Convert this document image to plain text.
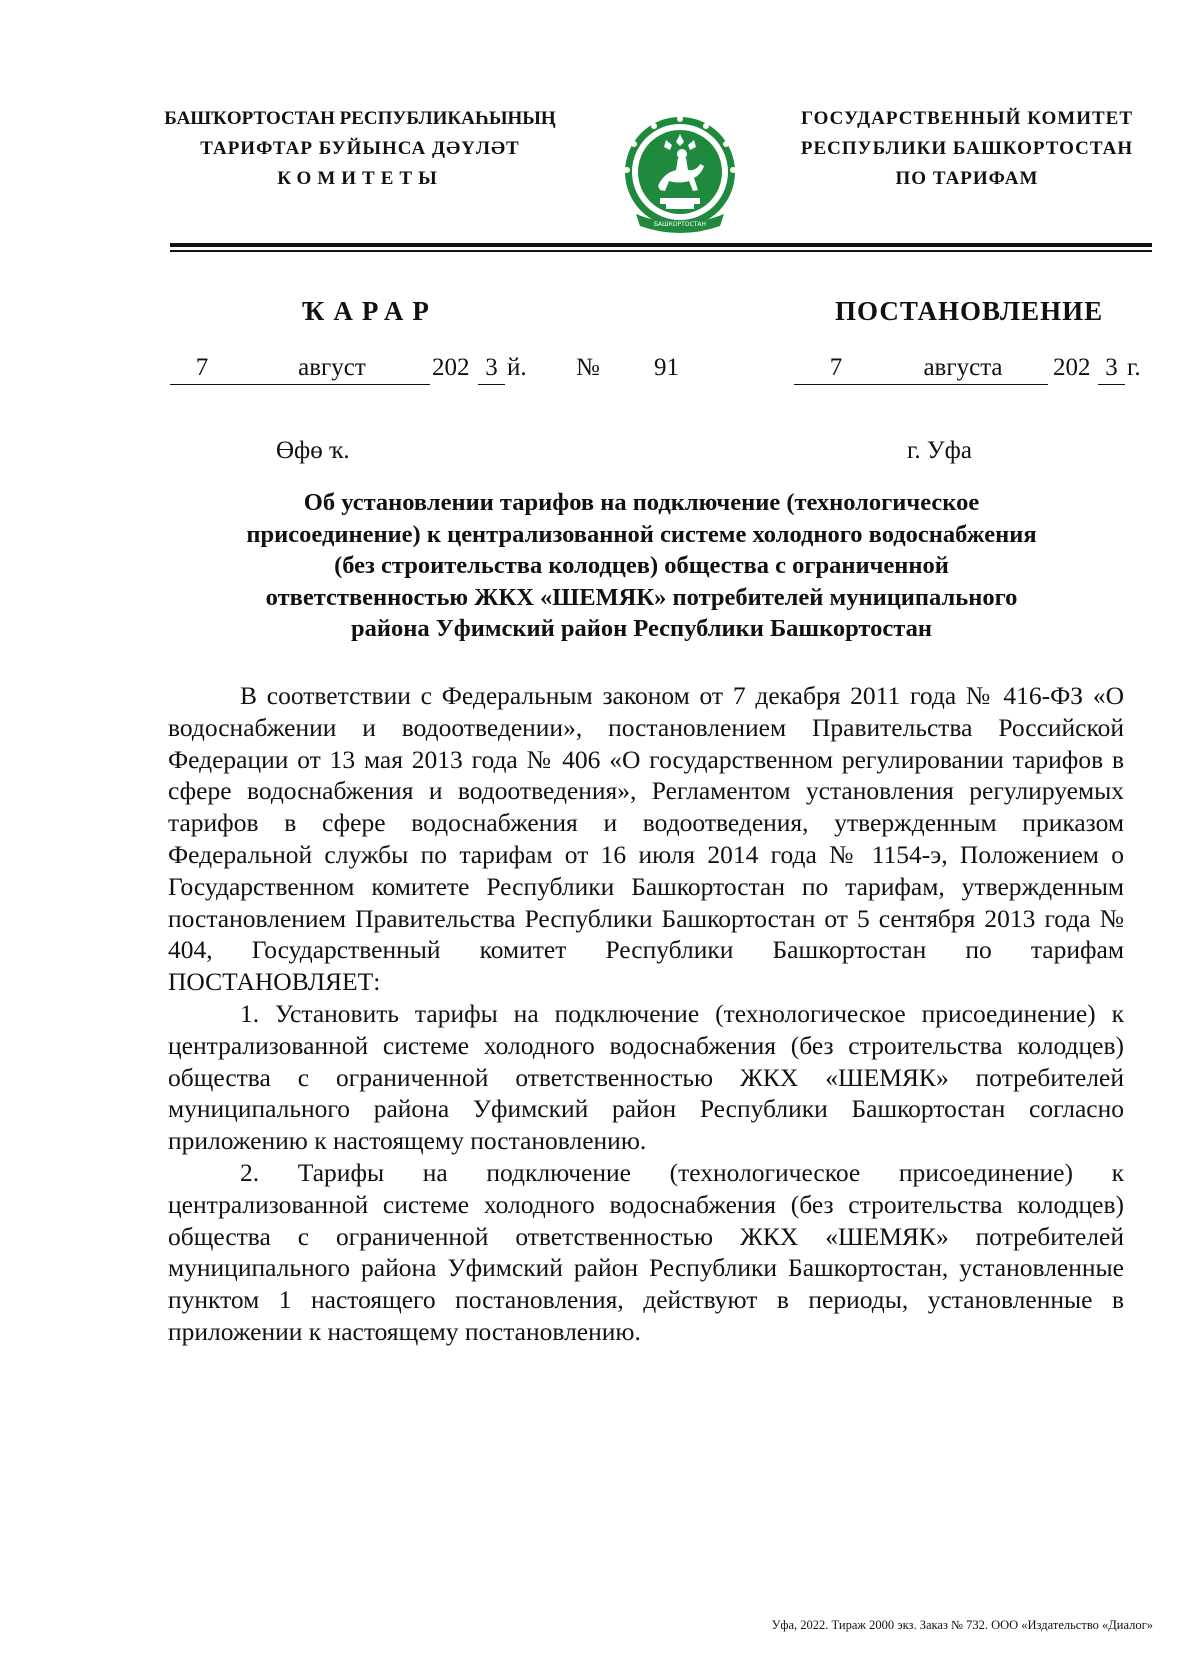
БАШҠОРТОСТАН РЕСПУБЛИКАҺЫНЫҢ
ТАРИФТАР БУЙЫНСА ДӘҮЛӘТ
КОМИТЕТЫ
БАШКОРТОСТАН
ГОСУДАРСТВЕННЫЙ КОМИТЕТ
РЕСПУБЛИКИ БАШКОРТОСТАН
ПО ТАРИФАМ
ҠАРАР	ПОСТАНОВЛЕНИЕ
7	август	202 3 й. № 91	7	августа	202 3 г.
Өфө ҡ.	г. Уфа
Об установлении тарифов на подключение (технологическое
присоединение) к централизованной системе холодного водоснабжения
(без строительства колодцев) общества с ограниченной
ответственностью ЖКХ «ШЕМЯК» потребителей муниципального
района Уфимский район Республики Башкортостан

В соответствии с Федеральным законом от 7 декабря 2011 года № 416-ФЗ «О водоснабжении и водоотведении», постановлением Правительства Российской Федерации от 13 мая 2013 года № 406 «О государственном регулировании тарифов в сфере водоснабжения и водоотведения», Регламентом установления регулируемых тарифов в сфере водоснабжения и водоотведения, утвержденным приказом Федеральной службы по тарифам от 16 июля 2014 года № 1154-э, Положением о Государственном комитете Республики Башкортостан по тарифам, утвержденным постановлением Правительства Республики Башкортостан от 5 сентября 2013 года № 404, Государственный комитет Республики Башкортостан по тарифам ПОСТАНОВЛЯЕТ:

1. Установить тарифы на подключение (технологическое присоединение) к централизованной системе холодного водоснабжения (без строительства колодцев) общества с ограниченной ответственностью ЖКХ «ШЕМЯК» потребителей муниципального района Уфимский район Республики Башкортостан согласно приложению к настоящему постановлению.

2. Тарифы на подключение (технологическое присоединение) к централизованной системе холодного водоснабжения (без строительства колодцев) общества с ограниченной ответственностью ЖКХ «ШЕМЯК» потребителей муниципального района Уфимский район Республики Башкортостан, установленные пунктом 1 настоящего постановления, действуют в периоды, установленные в приложении к настоящему постановлению.

Уфа, 2022. Тираж 2000 экз. Заказ № 732. ООО «Издательство «Диалог»
